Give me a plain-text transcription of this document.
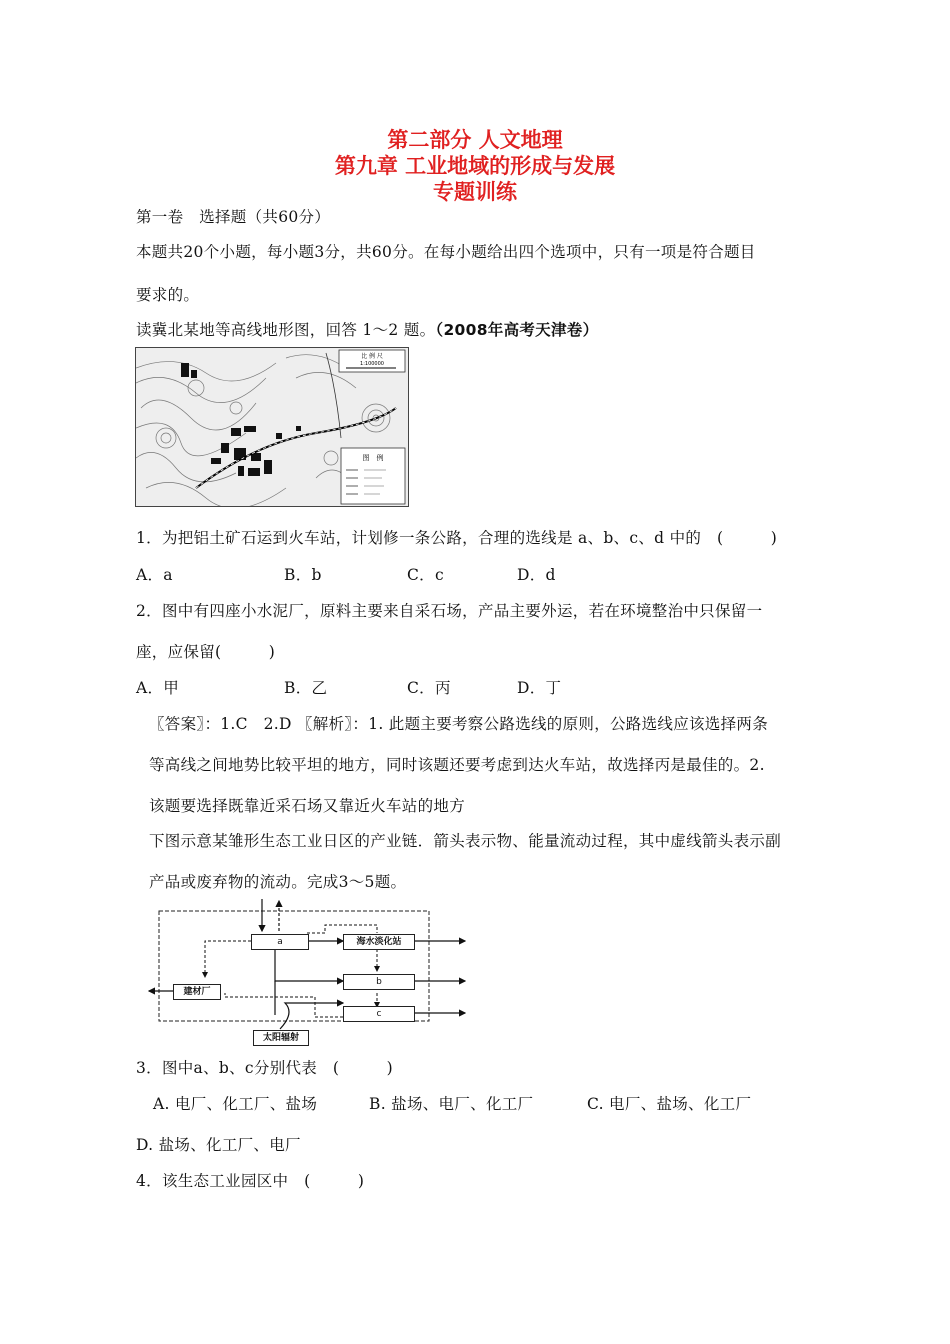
第二部分 人文地理
第九章 工业地域的形成与发展
专题训练
第一卷　选择题（共60分）
本题共20个小题，每小题3分，共60分。在每小题给出四个选项中，只有一项是符合题目
要求的。
读冀北某地等高线地形图，回答 1～2 题。（2008年高考天津卷）
比 例 尺
1:100000
图　例
1．为把铝土矿石运到火车站，计划修一条公路，合理的选线是 a、b、c、d 中的　(　　　)
A．a	B．b	C．c	D．d
2．图中有四座小水泥厂，原料主要来自采石场，产品主要外运，若在环境整治中只保留一
座，应保留(　　　)
A．甲	B．乙	C．丙	D．丁
〖答案〗：1.C　2.D 〖解析〗：1. 此题主要考察公路选线的原则，公路选线应该选择两条
等高线之间地势比较平坦的地方，同时该题还要考虑到达火车站，故选择丙是最佳的。2.
该题要选择既靠近采石场又靠近火车站的地方
下图示意某雏形生态工业日区的产业链．箭头表示物、能量流动过程，其中虚线箭头表示副
产品或废弃物的流动。完成3～5题。
a	海水淡化站
b
c
建材厂
太阳辐射
3．图中a、b、c分别代表　(　　　)
A. 电厂、化工厂、盐场	B. 盐场、电厂、化工厂	C. 电厂、盐场、化工厂
D. 盐场、化工厂、电厂
4．该生态工业园区中　(　　　)
